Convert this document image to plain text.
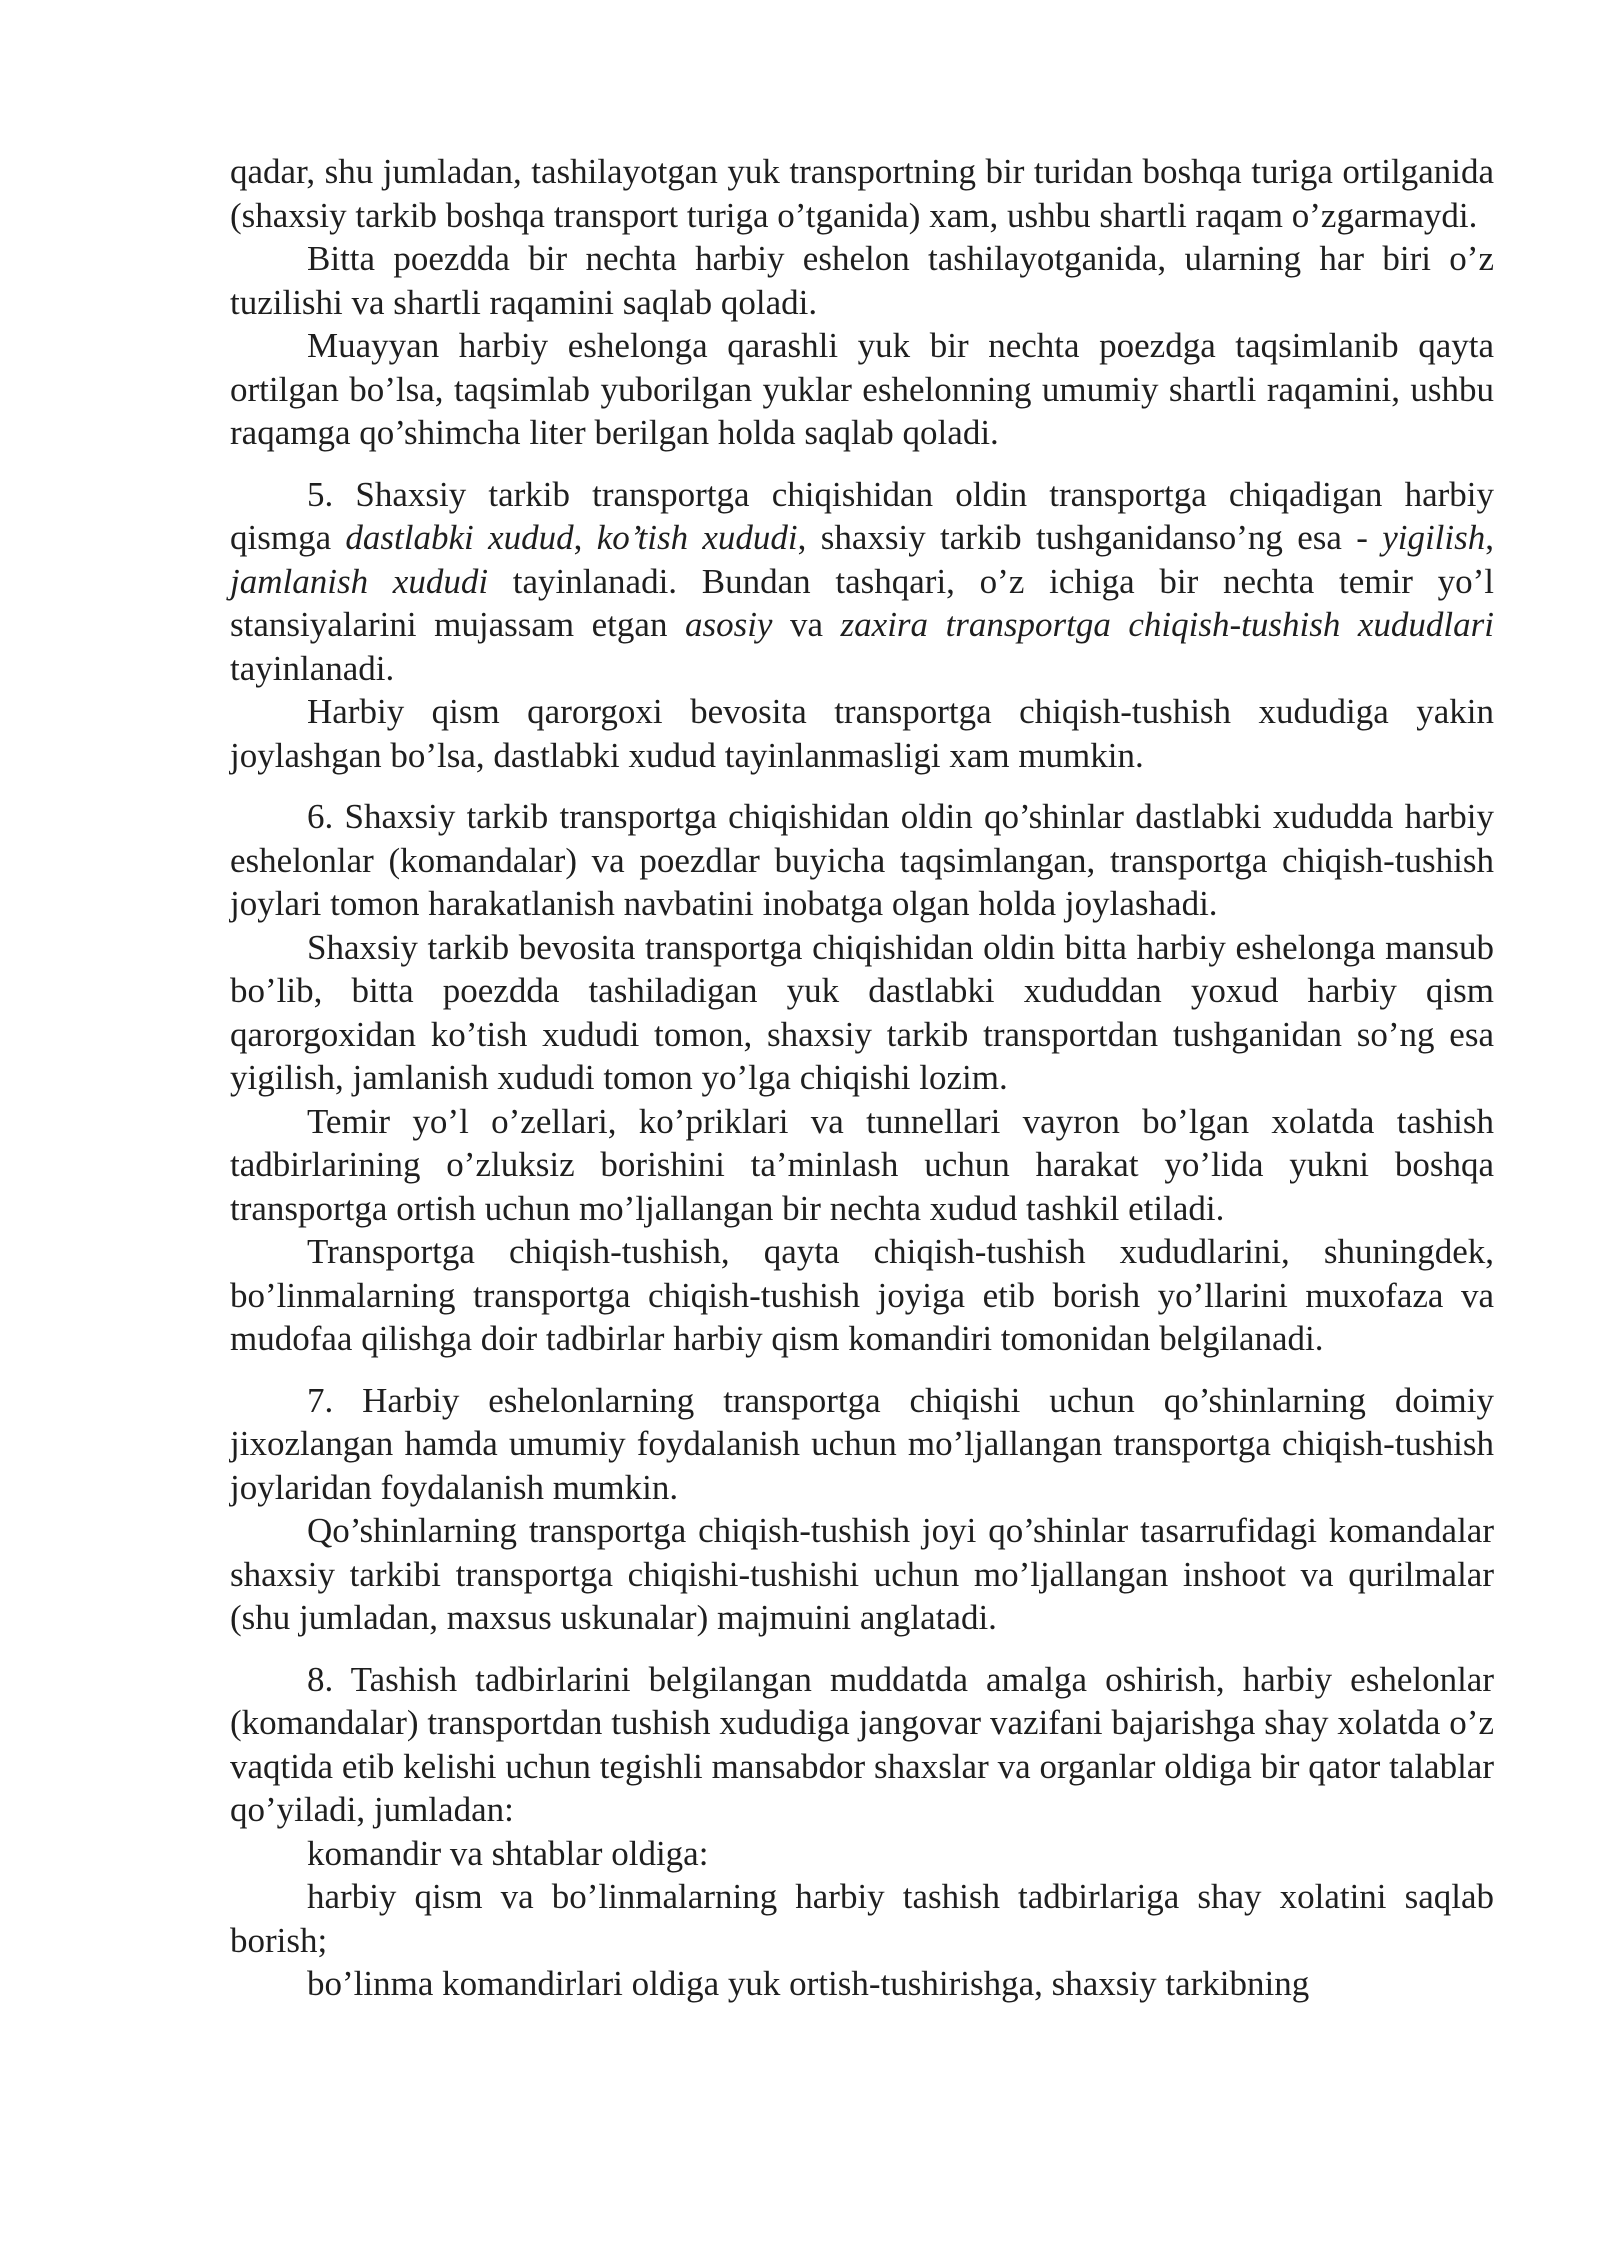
qadar, shu jumladan, tashilayotgan yuk transportning bir turidan boshqa turiga ortilganida (shaxsiy tarkib boshqa transport turiga o’tganida) xam, ushbu shartli raqam o’zgarmaydi.

Bitta poezdda bir nechta harbiy eshelon tashilayotganida, ularning har biri o’z tuzilishi va shartli raqamini saqlab qoladi.

Muayyan harbiy eshelonga qarashli yuk bir nechta poezdga taqsimlanib qayta ortilgan bo’lsa, taqsimlab yuborilgan yuklar eshelonning umumiy shartli raqamini, ushbu raqamga qo’shimcha liter berilgan holda saqlab qoladi.

5. Shaxsiy tarkib transportga chiqishidan oldin transportga chiqadigan harbiy qismga dastlabki xudud, ko’tish xududi, shaxsiy tarkib tushganidanso’ng esa - yigilish, jamlanish xududi tayinlanadi. Bundan tashqari, o’z ichiga bir nechta temir yo’l stansiyalarini mujassam etgan asosiy va zaxira transportga chiqish-tushish xududlari tayinlanadi.

Harbiy qism qarorgoxi bevosita transportga chiqish-tushish xududiga yakin joylashgan bo’lsa, dastlabki xudud tayinlanmasligi xam mumkin.

6. Shaxsiy tarkib transportga chiqishidan oldin qo’shinlar dastlabki xududda harbiy eshelonlar (komandalar) va poezdlar buyicha taqsimlangan, transportga chiqish-tushish joylari tomon harakatlanish navbatini inobatga olgan holda joylashadi.

Shaxsiy tarkib bevosita transportga chiqishidan oldin bitta harbiy eshelonga mansub bo’lib, bitta poezdda tashiladigan yuk dastlabki xududdan yoxud harbiy qism qarorgoxidan ko’tish xududi tomon, shaxsiy tarkib transportdan tushganidan so’ng esa yigilish, jamlanish xududi tomon yo’lga chiqishi lozim.

Temir yo’l o’zellari, ko’priklari va tunnellari vayron bo’lgan xolatda tashish tadbirlarining o’zluksiz borishini ta’minlash uchun harakat yo’lida yukni boshqa transportga ortish uchun mo’ljallangan bir nechta xudud tashkil etiladi.

Transportga chiqish-tushish, qayta chiqish-tushish xududlarini, shuningdek, bo’linmalarning transportga chiqish-tushish joyiga etib borish yo’llarini muxofaza va mudofaa qilishga doir tadbirlar harbiy qism komandiri tomonidan belgilanadi.

7. Harbiy eshelonlarning transportga chiqishi uchun qo’shinlarning doimiy jixozlangan hamda umumiy foydalanish uchun mo’ljallangan transportga chiqish-tushish joylaridan foydalanish mumkin.

Qo’shinlarning transportga chiqish-tushish joyi qo’shinlar tasarrufidagi komandalar shaxsiy tarkibi transportga chiqishi-tushishi uchun mo’ljallangan inshoot va qurilmalar (shu jumladan, maxsus uskunalar) majmuini anglatadi.

8. Tashish tadbirlarini belgilangan muddatda amalga oshirish, harbiy eshelonlar (komandalar) transportdan tushish xududiga jangovar vazifani bajarishga shay xolatda o’z vaqtida etib kelishi uchun tegishli mansabdor shaxslar va organlar oldiga bir qator talablar qo’yiladi, jumladan:

komandir va shtablar oldiga:

harbiy qism va bo’linmalarning harbiy tashish tadbirlariga shay xolatini saqlab borish;

bo’linma komandirlari oldiga yuk ortish-tushirishga, shaxsiy tarkibning
